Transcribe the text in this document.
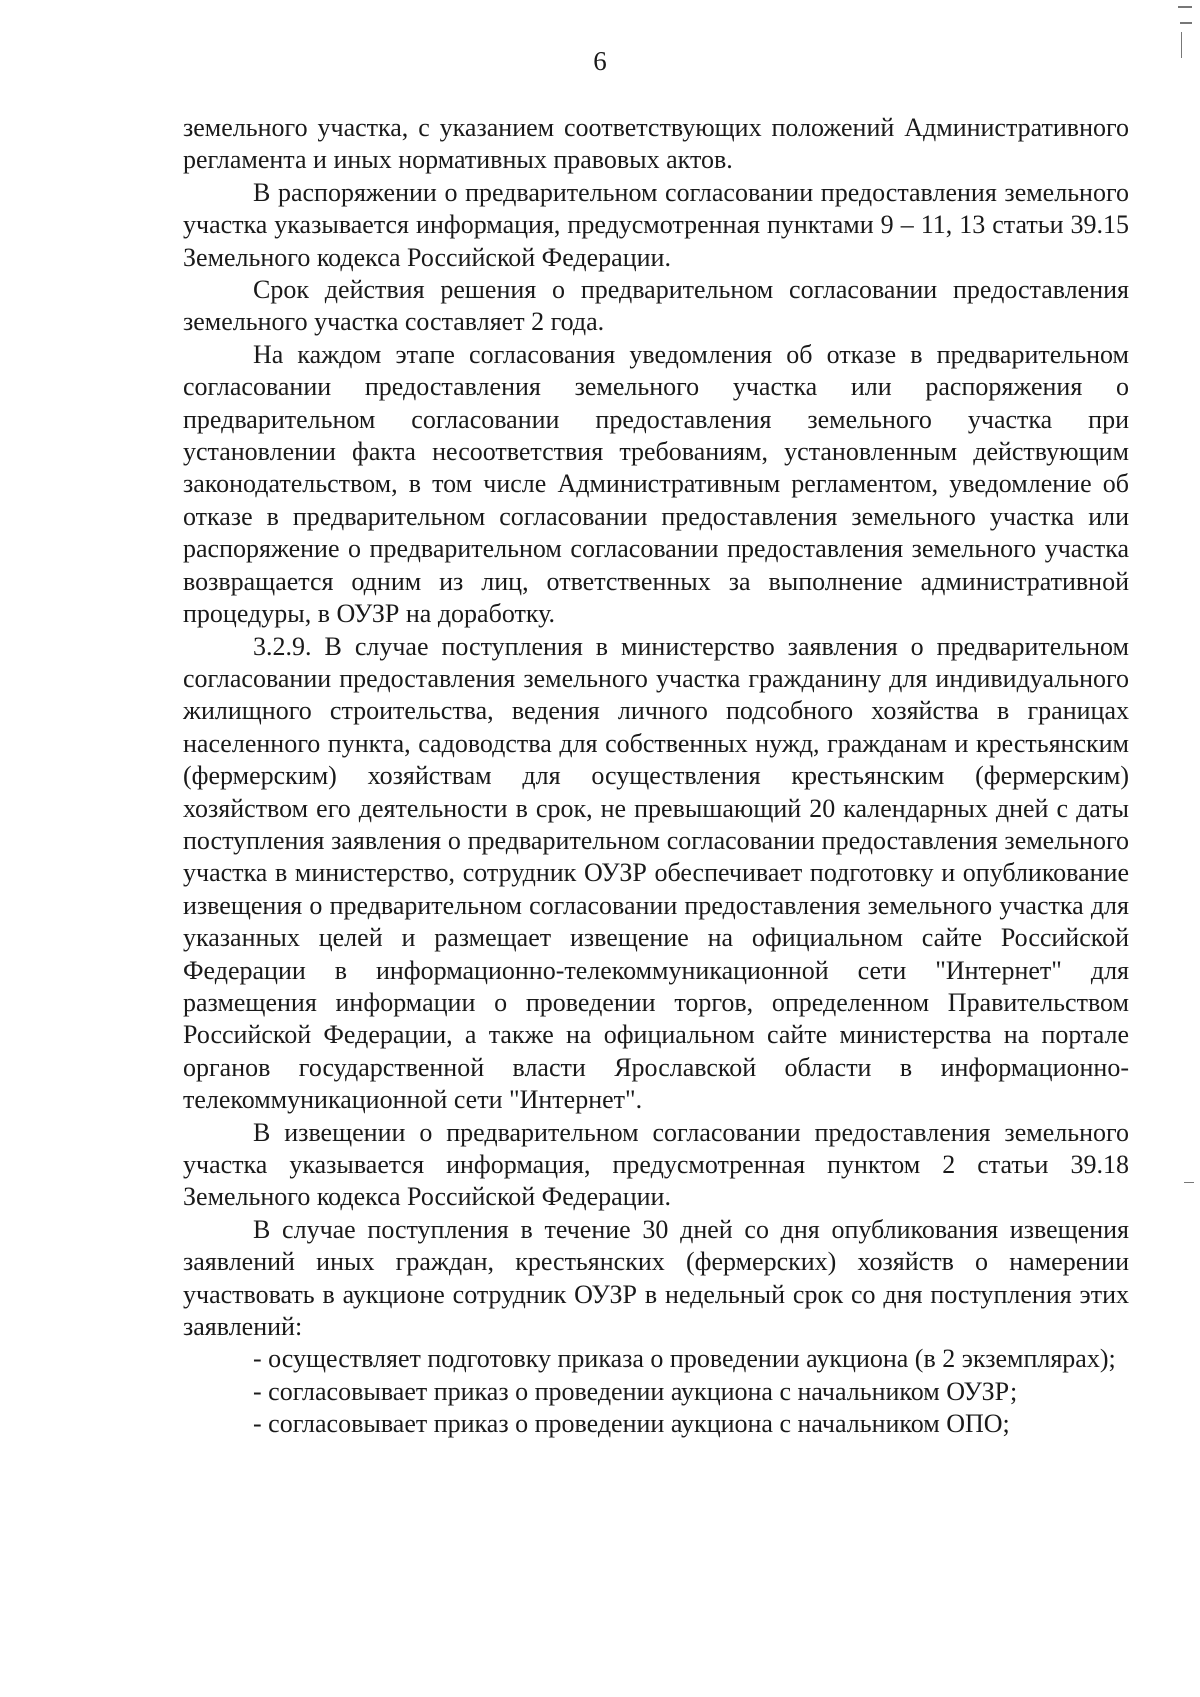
6

земельного участка, с указанием соответствующих положений Административного регламента и иных нормативных правовых актов.

В распоряжении о предварительном согласовании предоставления земельного участка указывается информация, предусмотренная пунктами 9 – 11, 13 статьи 39.15 Земельного кодекса Российской Федерации.

Срок действия решения о предварительном согласовании предоставления земельного участка составляет 2 года.

На каждом этапе согласования уведомления об отказе в предварительном согласовании предоставления земельного участка или распоряжения о предварительном согласовании предоставления земельного участка при установлении факта несоответствия требованиям, установленным действующим законодательством, в том числе Административным регламентом, уведомление об отказе в предварительном согласовании предоставления земельного участка или распоряжение о предварительном согласовании предоставления земельного участка возвращается одним из лиц, ответственных за выполнение административной процедуры, в ОУЗР на доработку.

3.2.9. В случае поступления в министерство заявления о предварительном согласовании предоставления земельного участка гражданину для индивидуального жилищного строительства, ведения личного подсобного хозяйства в границах населенного пункта, садоводства для собственных нужд, гражданам и крестьянским (фермерским) хозяйствам для осуществления крестьянским (фермерским) хозяйством его деятельности в срок, не превышающий 20 календарных дней с даты поступления заявления о предварительном согласовании предоставления земельного участка в министерство, сотрудник ОУЗР обеспечивает подготовку и опубликование извещения о предварительном согласовании предоставления земельного участка для указанных целей и размещает извещение на официальном сайте Российской Федерации в информационно-телекоммуникационной сети "Интернет" для размещения информации о проведении торгов, определенном Правительством Российской Федерации, а также на официальном сайте министерства на портале органов государственной власти Ярославской области в информационно-телекоммуникационной сети "Интернет".

В извещении о предварительном согласовании предоставления земельного участка указывается информация, предусмотренная пунктом 2 статьи 39.18 Земельного кодекса Российской Федерации.

В случае поступления в течение 30 дней со дня опубликования извещения заявлений иных граждан, крестьянских (фермерских) хозяйств о намерении участвовать в аукционе сотрудник ОУЗР в недельный срок со дня поступления этих заявлений:

- осуществляет подготовку приказа о проведении аукциона (в 2 экземплярах);

- согласовывает приказ о проведении аукциона с начальником ОУЗР;

- согласовывает приказ о проведении аукциона с начальником ОПО;
